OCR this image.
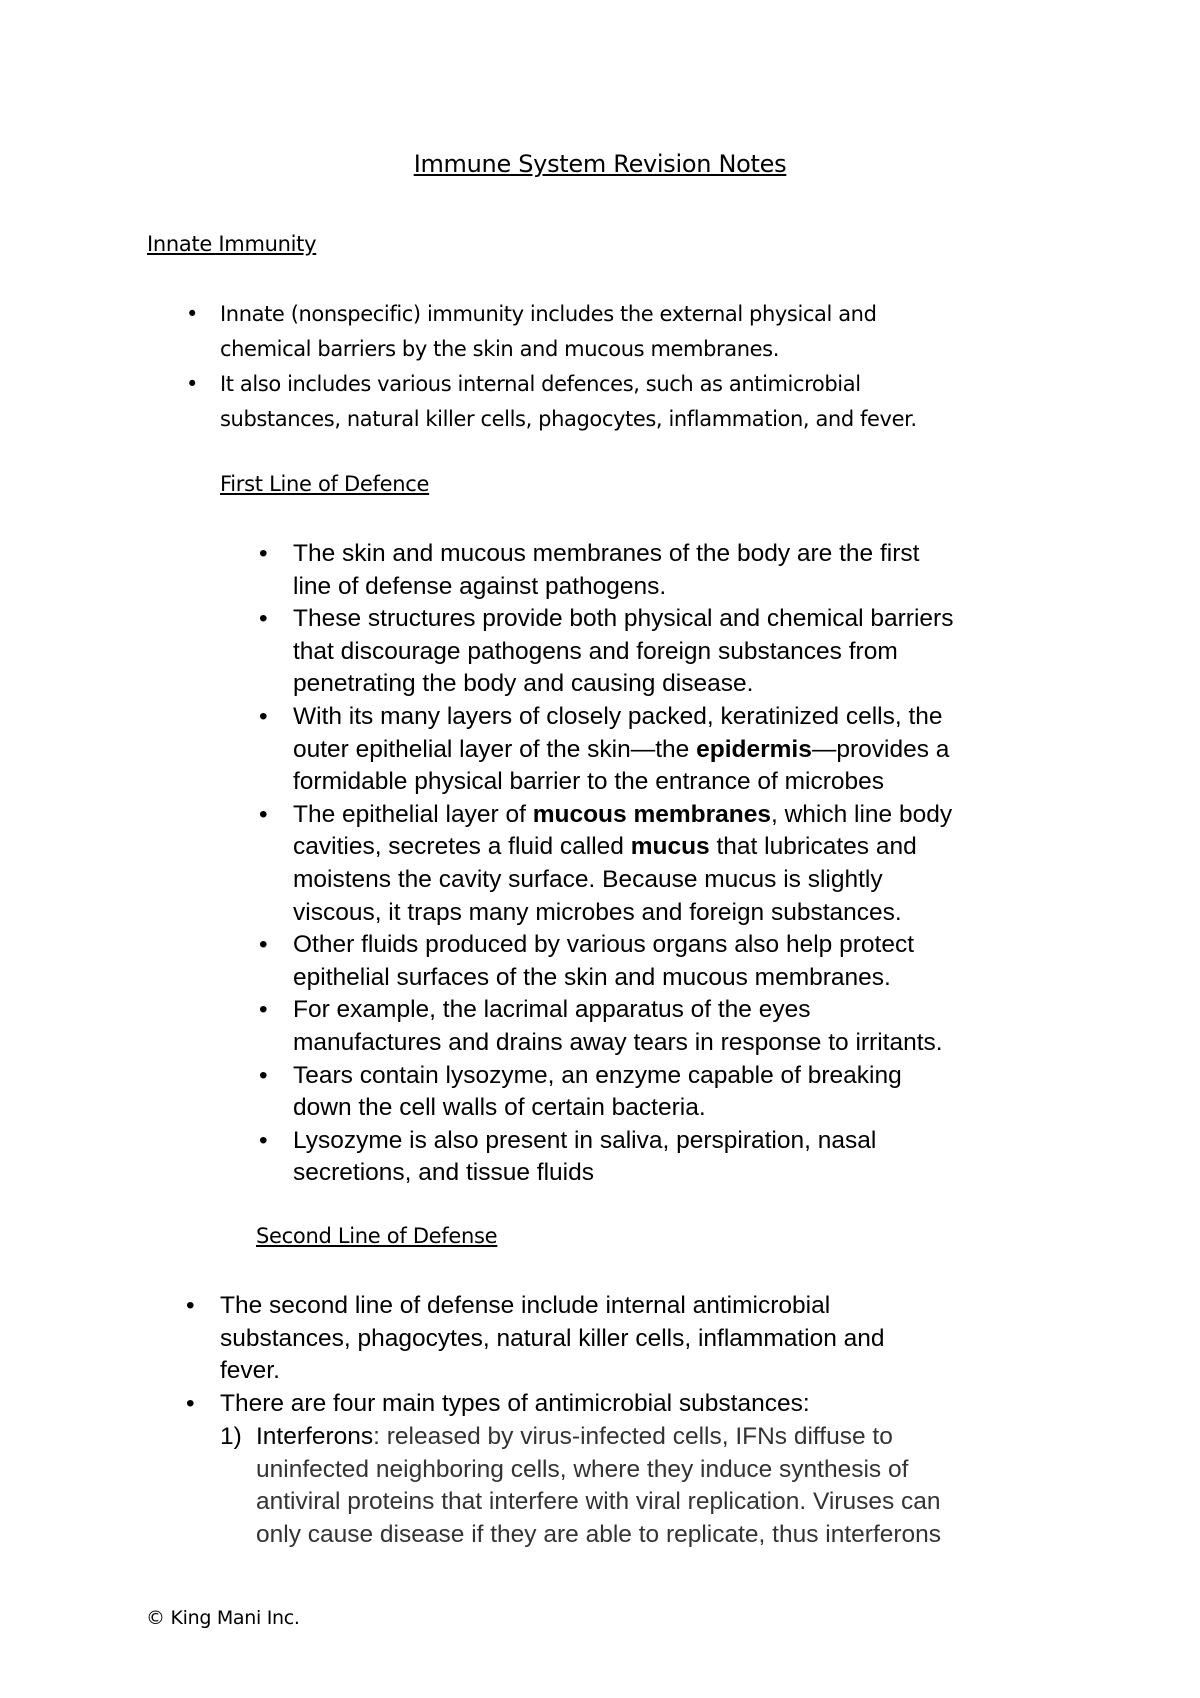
Immune System Revision Notes
Innate Immunity
• Innate (nonspecific) immunity includes the external physical and
chemical barriers by the skin and mucous membranes.
• It also includes various internal defences, such as antimicrobial
substances, natural killer cells, phagocytes, inflammation, and fever.
First Line of Defence
• The skin and mucous membranes of the body are the first
line of defense against pathogens.
• These structures provide both physical and chemical barriers
that discourage pathogens and foreign substances from
penetrating the body and causing disease.
• With its many layers of closely packed, keratinized cells, the
outer epithelial layer of the skin—the epidermis—provides a
formidable physical barrier to the entrance of microbes
• The epithelial layer of mucous membranes, which line body
cavities, secretes a fluid called mucus that lubricates and
moistens the cavity surface. Because mucus is slightly
viscous, it traps many microbes and foreign substances.
• Other fluids produced by various organs also help protect
epithelial surfaces of the skin and mucous membranes.
• For example, the lacrimal apparatus of the eyes
manufactures and drains away tears in response to irritants.
• Tears contain lysozyme, an enzyme capable of breaking
down the cell walls of certain bacteria.
• Lysozyme is also present in saliva, perspiration, nasal
secretions, and tissue fluids
Second Line of Defense
• The second line of defense include internal antimicrobial
substances, phagocytes, natural killer cells, inflammation and
fever.
• There are four main types of antimicrobial substances:
1) Interferons: released by virus-infected cells, IFNs diffuse to
uninfected neighboring cells, where they induce synthesis of
antiviral proteins that interfere with viral replication. Viruses can
only cause disease if they are able to replicate, thus interferons
© King Mani Inc.
